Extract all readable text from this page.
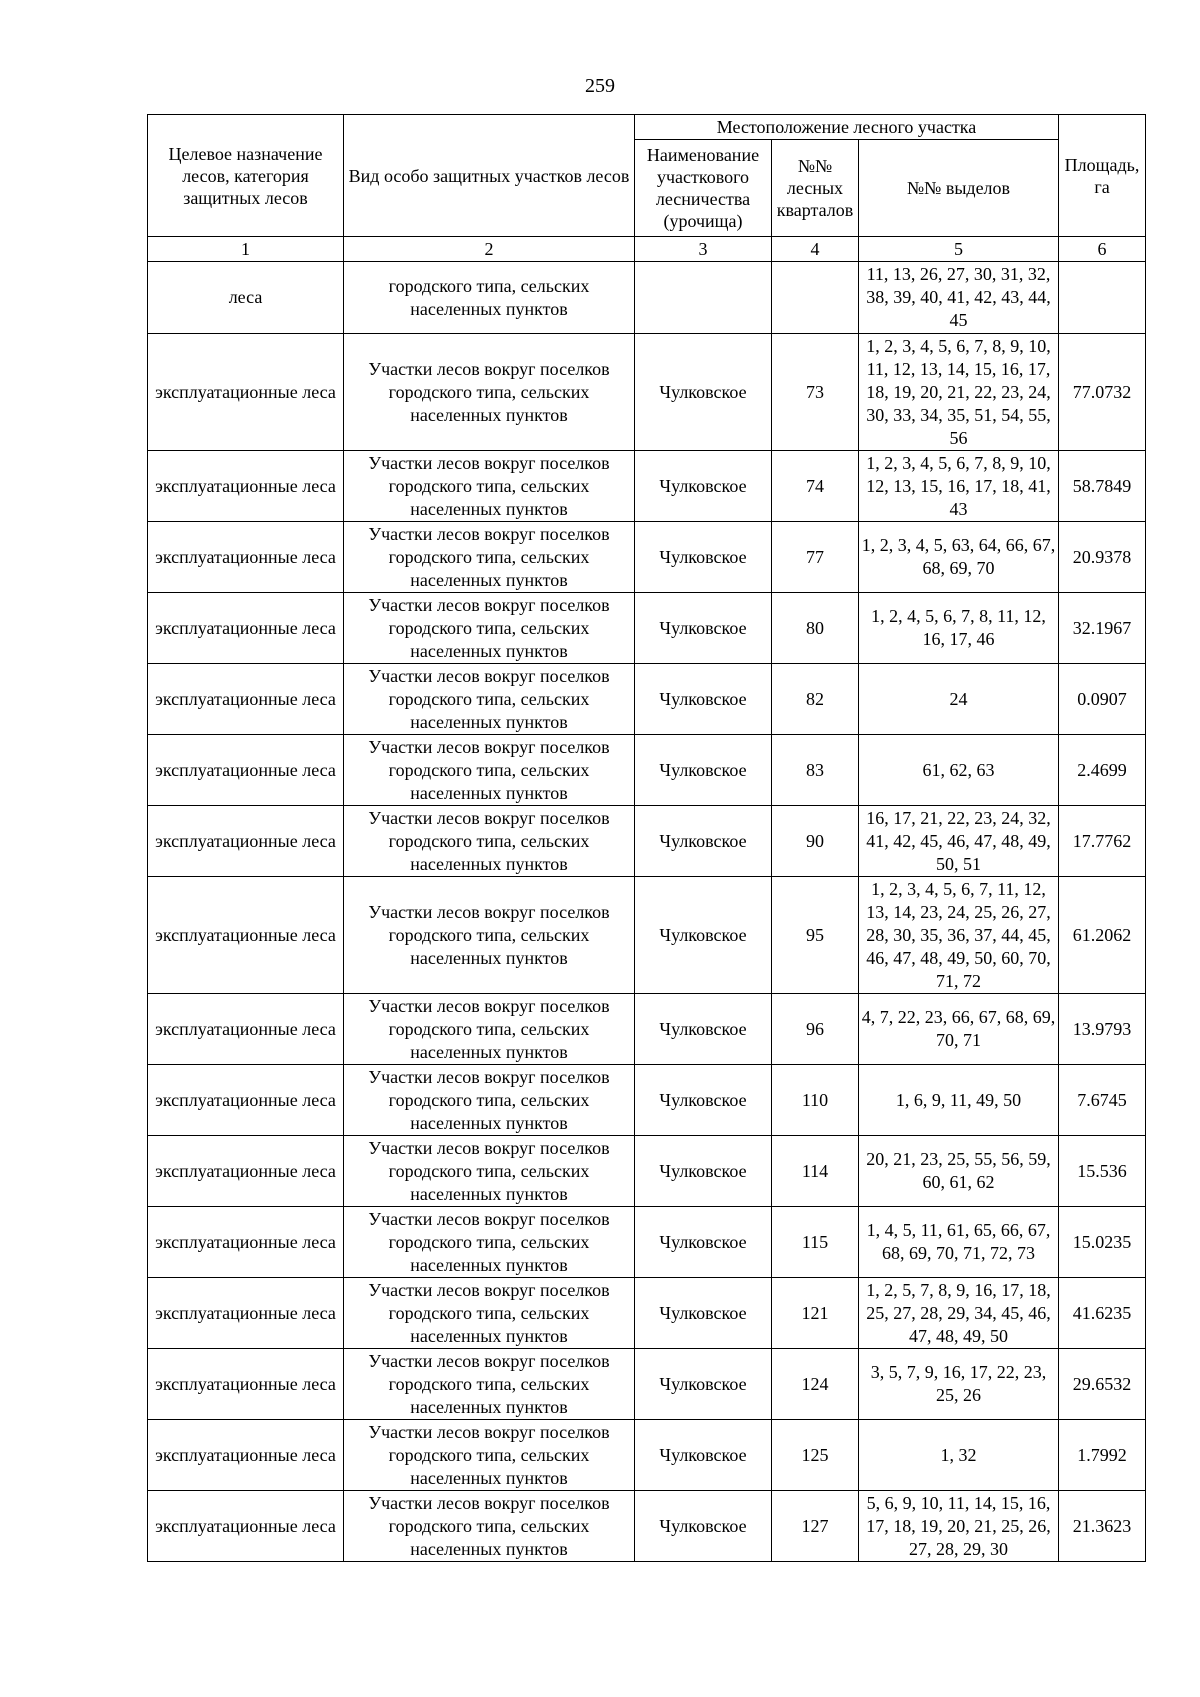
259
Целевое назначение лесов, категория защитных лесов	Вид особо защитных участков лесов	Местоположение лесного участка			Площадь, га
		Наименование участкового лесничества (урочища)	№№ лесных кварталов	№№ выделов	
1	2	3	4	5	6
леса	городского типа, сельских населенных пунктов			11, 13, 26, 27, 30, 31, 32, 38, 39, 40, 41, 42, 43, 44, 45	
эксплуатационные леса	Участки лесов вокруг поселков городского типа, сельских населенных пунктов	Чулковское	73	1, 2, 3, 4, 5, 6, 7, 8, 9, 10, 11, 12, 13, 14, 15, 16, 17, 18, 19, 20, 21, 22, 23, 24, 30, 33, 34, 35, 51, 54, 55, 56	77.0732
эксплуатационные леса	Участки лесов вокруг поселков городского типа, сельских населенных пунктов	Чулковское	74	1, 2, 3, 4, 5, 6, 7, 8, 9, 10, 12, 13, 15, 16, 17, 18, 41, 43	58.7849
эксплуатационные леса	Участки лесов вокруг поселков городского типа, сельских населенных пунктов	Чулковское	77	1, 2, 3, 4, 5, 63, 64, 66, 67, 68, 69, 70	20.9378
эксплуатационные леса	Участки лесов вокруг поселков городского типа, сельских населенных пунктов	Чулковское	80	1, 2, 4, 5, 6, 7, 8, 11, 12, 16, 17, 46	32.1967
эксплуатационные леса	Участки лесов вокруг поселков городского типа, сельских населенных пунктов	Чулковское	82	24	0.0907
эксплуатационные леса	Участки лесов вокруг поселков городского типа, сельских населенных пунктов	Чулковское	83	61, 62, 63	2.4699
эксплуатационные леса	Участки лесов вокруг поселков городского типа, сельских населенных пунктов	Чулковское	90	16, 17, 21, 22, 23, 24, 32, 41, 42, 45, 46, 47, 48, 49, 50, 51	17.7762
эксплуатационные леса	Участки лесов вокруг поселков городского типа, сельских населенных пунктов	Чулковское	95	1, 2, 3, 4, 5, 6, 7, 11, 12, 13, 14, 23, 24, 25, 26, 27, 28, 30, 35, 36, 37, 44, 45, 46, 47, 48, 49, 50, 60, 70, 71, 72	61.2062
эксплуатационные леса	Участки лесов вокруг поселков городского типа, сельских населенных пунктов	Чулковское	96	4, 7, 22, 23, 66, 67, 68, 69, 70, 71	13.9793
эксплуатационные леса	Участки лесов вокруг поселков городского типа, сельских населенных пунктов	Чулковское	110	1, 6, 9, 11, 49, 50	7.6745
эксплуатационные леса	Участки лесов вокруг поселков городского типа, сельских населенных пунктов	Чулковское	114	20, 21, 23, 25, 55, 56, 59, 60, 61, 62	15.536
эксплуатационные леса	Участки лесов вокруг поселков городского типа, сельских населенных пунктов	Чулковское	115	1, 4, 5, 11, 61, 65, 66, 67, 68, 69, 70, 71, 72, 73	15.0235
эксплуатационные леса	Участки лесов вокруг поселков городского типа, сельских населенных пунктов	Чулковское	121	1, 2, 5, 7, 8, 9, 16, 17, 18, 25, 27, 28, 29, 34, 45, 46, 47, 48, 49, 50	41.6235
эксплуатационные леса	Участки лесов вокруг поселков городского типа, сельских населенных пунктов	Чулковское	124	3, 5, 7, 9, 16, 17, 22, 23, 25, 26	29.6532
эксплуатационные леса	Участки лесов вокруг поселков городского типа, сельских населенных пунктов	Чулковское	125	1, 32	1.7992
эксплуатационные леса	Участки лесов вокруг поселков городского типа, сельских населенных пунктов	Чулковское	127	5, 6, 9, 10, 11, 14, 15, 16, 17, 18, 19, 20, 21, 25, 26, 27, 28, 29, 30	21.3623
